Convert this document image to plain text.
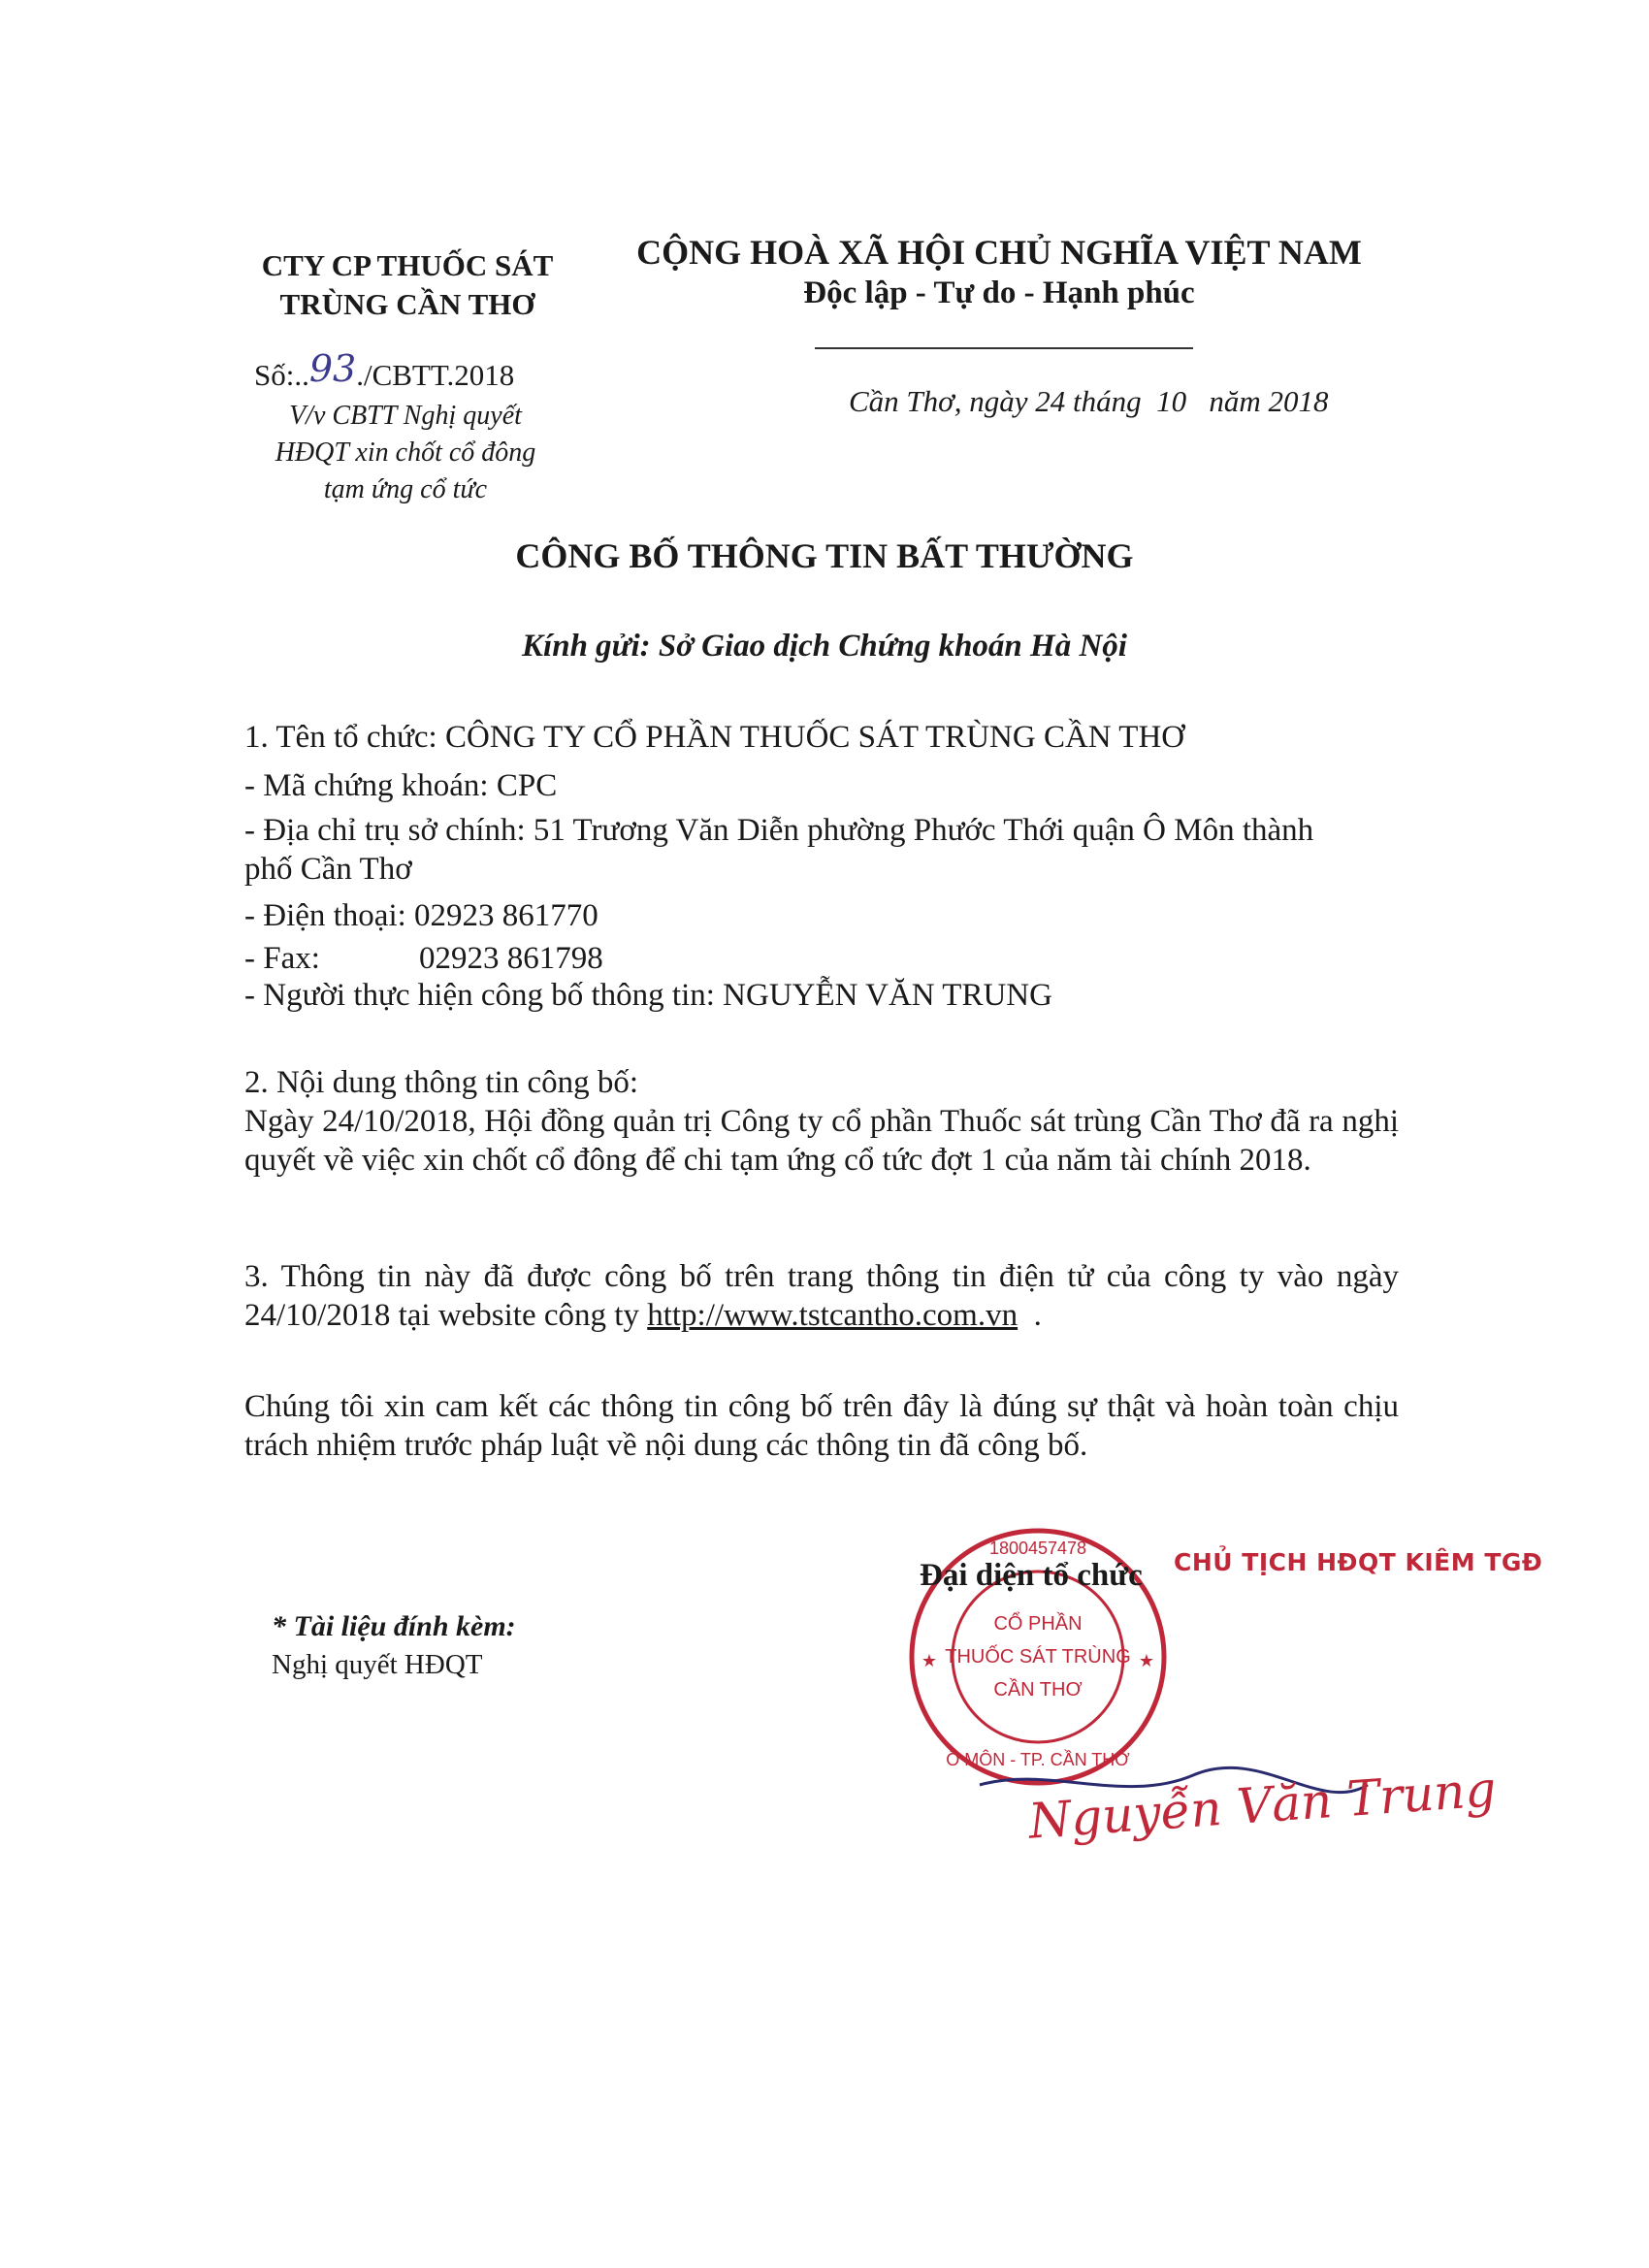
CTY CP THUỐC SÁT
TRÙNG CẦN THƠ
Số:..93./CBTT.2018
V/v CBTT Nghị quyết
HĐQT xin chốt cổ đông
tạm ứng cổ tức
CỘNG HOÀ XÃ HỘI CHỦ NGHĨA VIỆT NAM
Độc lập - Tự do - Hạnh phúc
Cần Thơ, ngày 24 tháng  10   năm 2018
CÔNG BỐ THÔNG TIN BẤT THƯỜNG
Kính gửi: Sở Giao dịch Chứng khoán Hà Nội
1. Tên tổ chức: CÔNG TY CỔ PHẦN THUỐC SÁT TRÙNG CẦN THƠ
- Mã chứng khoán: CPC
- Địa chỉ trụ sở chính: 51 Trương Văn Diễn phường Phước Thới quận Ô Môn thành phố Cần Thơ
- Điện thoại: 02923 861770
- Fax:	02923 861798
- Người thực hiện công bố thông tin: NGUYỄN VĂN TRUNG
2. Nội dung thông tin công bố:
Ngày 24/10/2018, Hội đồng quản trị Công ty cổ phần Thuốc sát trùng Cần Thơ đã ra nghị quyết về việc xin chốt cổ đông để chi tạm ứng cổ tức đợt 1 của năm tài chính 2018.
3. Thông tin này đã được công bố trên trang thông tin điện tử của công ty vào ngày 24/10/2018 tại website công ty http://www.tstcantho.com.vn  .
Chúng tôi xin cam kết các thông tin công bố trên đây là đúng sự thật và hoàn toàn chịu trách nhiệm trước pháp luật về nội dung các thông tin đã công bố.
CỔ PHẦN
THUỐC SÁT TRÙNG
CẦN THƠ
1800457478
Ô MÔN - TP. CẦN THƠ
★	★
Đại diện tổ chức CHỦ TỊCH HĐQT KIÊM TGĐ
* Tài liệu đính kèm:
Nghị quyết HĐQT
Nguyễn Văn Trung
